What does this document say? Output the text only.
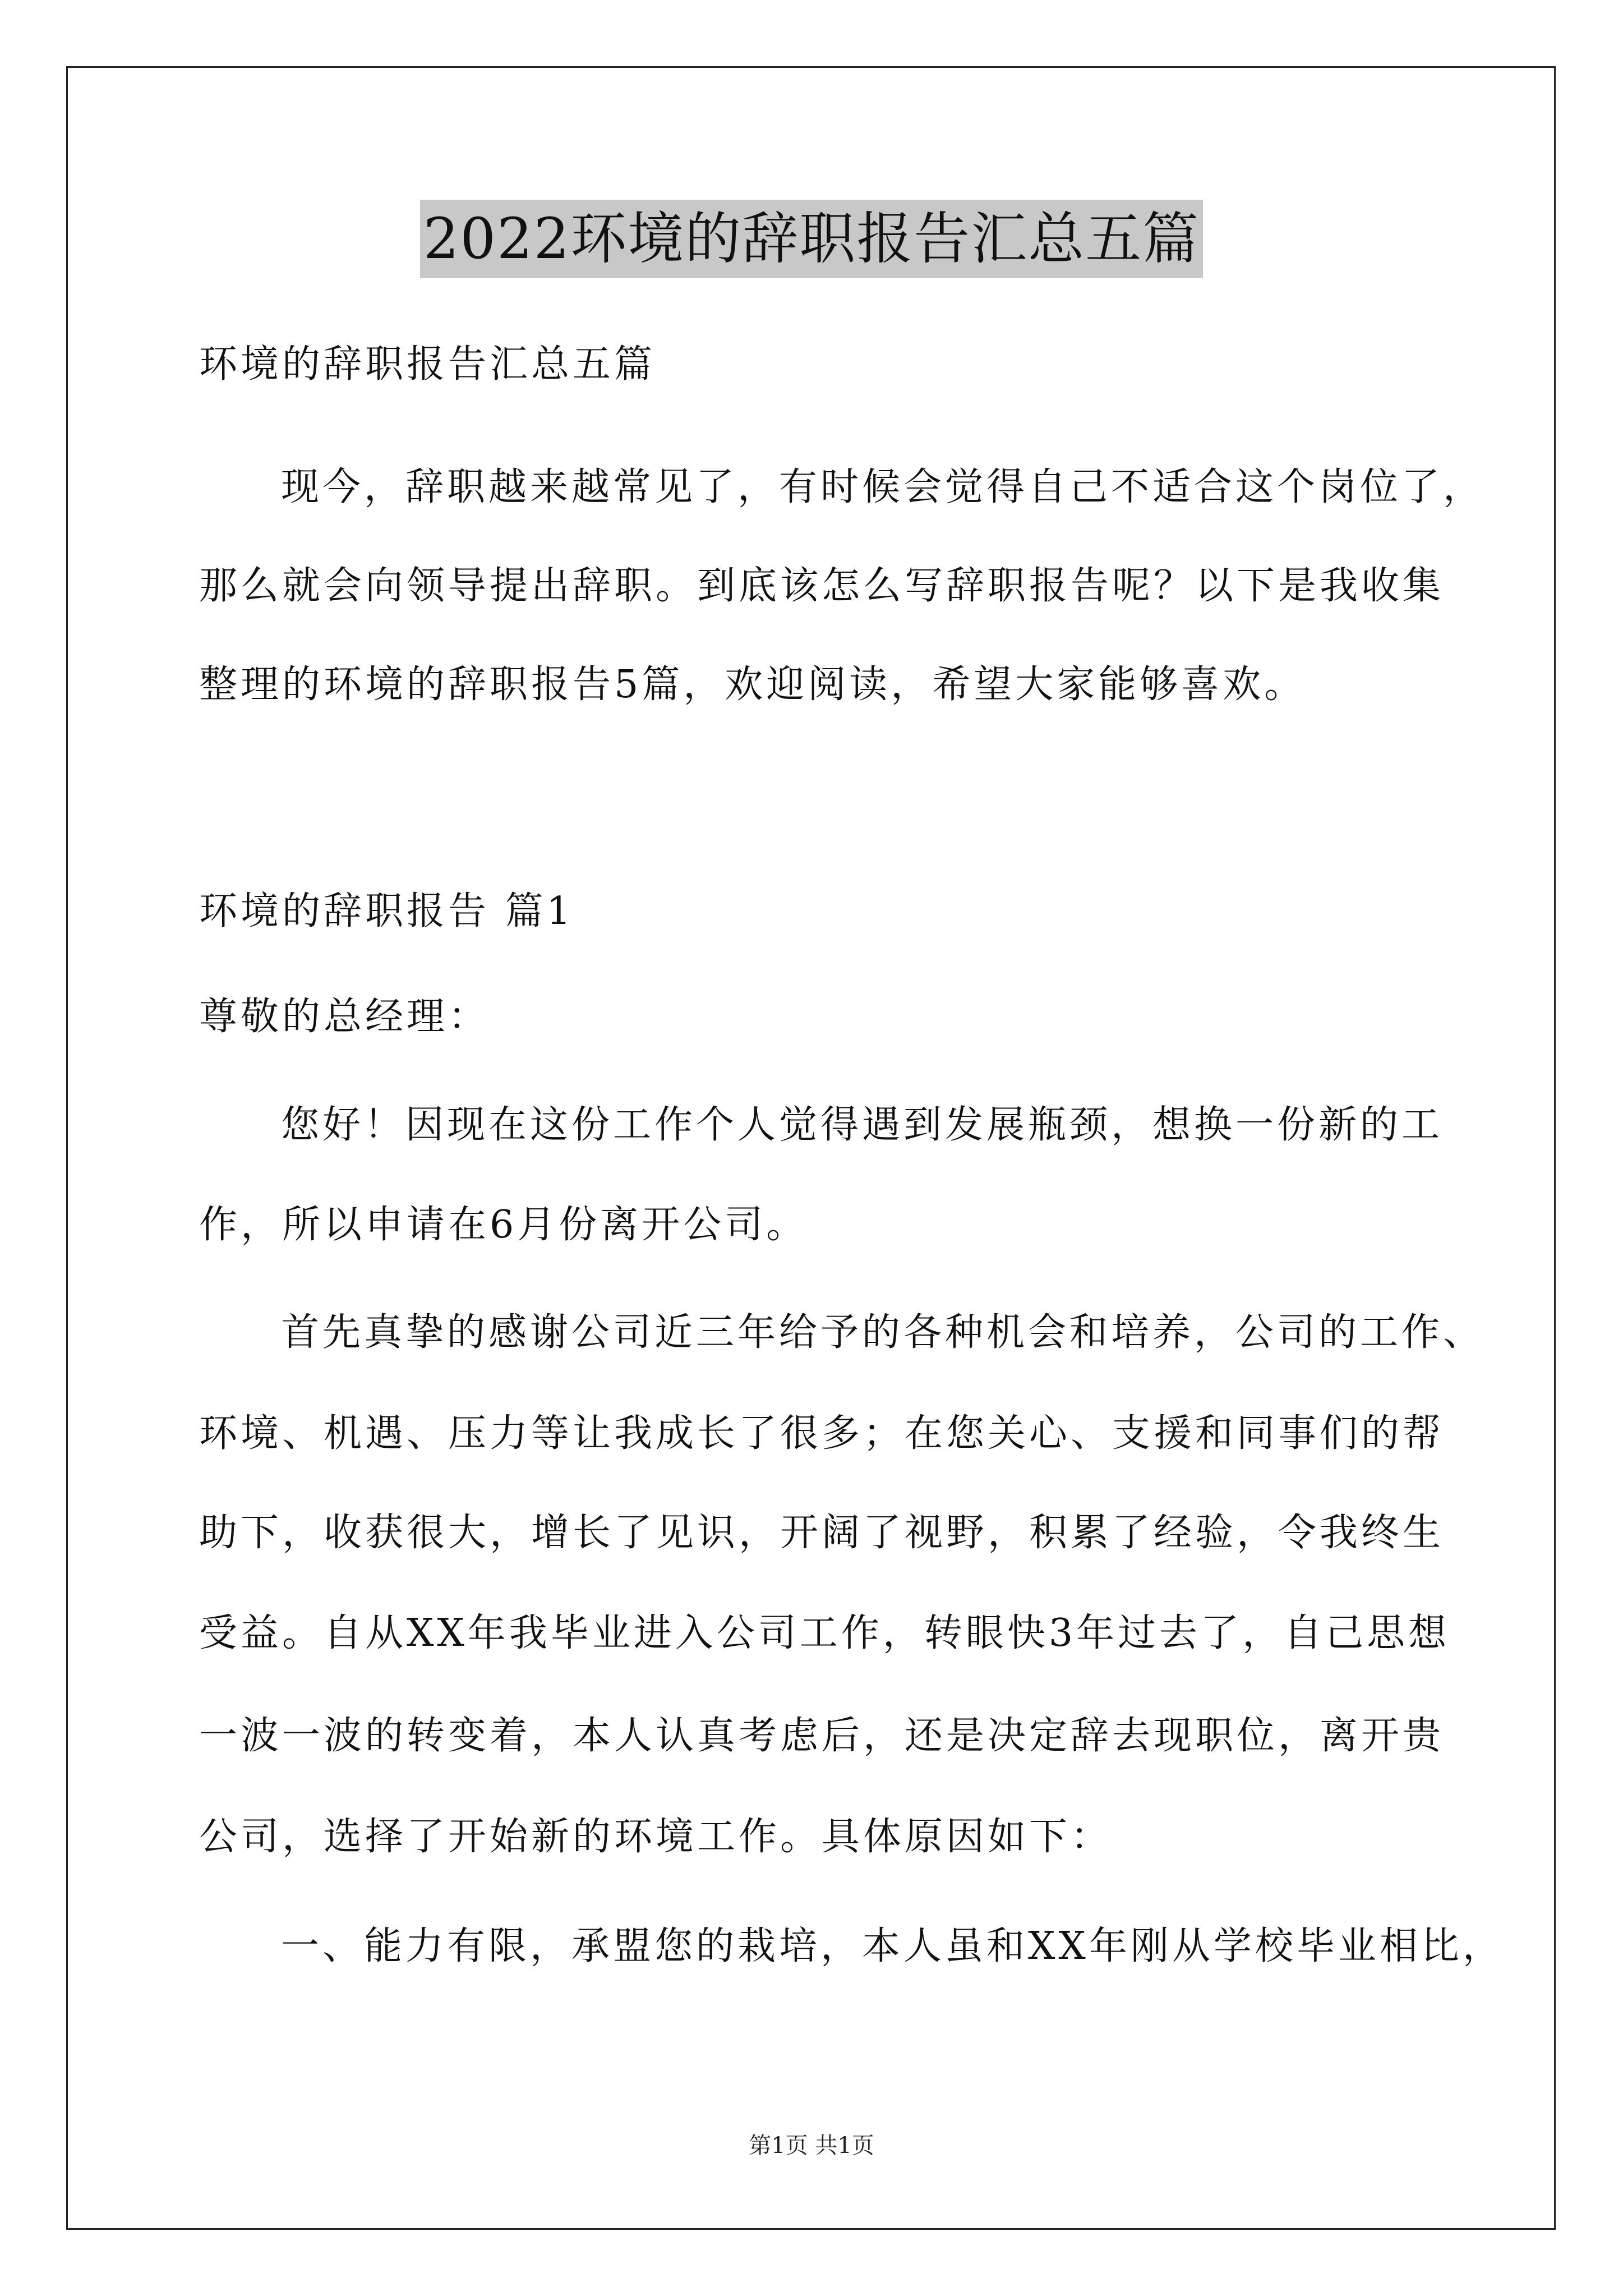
2022环境的辞职报告汇总五篇
环境的辞职报告汇总五篇
现今，辞职越来越常见了，有时候会觉得自己不适合这个岗位了，
那么就会向领导提出辞职。到底该怎么写辞职报告呢？以下是我收集
整理的环境的辞职报告5篇，欢迎阅读，希望大家能够喜欢。
环境的辞职报告 篇1
尊敬的总经理：
您好！因现在这份工作个人觉得遇到发展瓶颈，想换一份新的工
作，所以申请在6月份离开公司。
首先真挚的感谢公司近三年给予的各种机会和培养，公司的工作、
环境、机遇、压力等让我成长了很多；在您关心、支援和同事们的帮
助下，收获很大，增长了见识，开阔了视野，积累了经验，令我终生
受益。自从XX年我毕业进入公司工作，转眼快3年过去了，自己思想
一波一波的转变着，本人认真考虑后，还是决定辞去现职位，离开贵
公司，选择了开始新的环境工作。具体原因如下：
一、能力有限，承盟您的栽培，本人虽和XX年刚从学校毕业相比，
第1页 共1页
